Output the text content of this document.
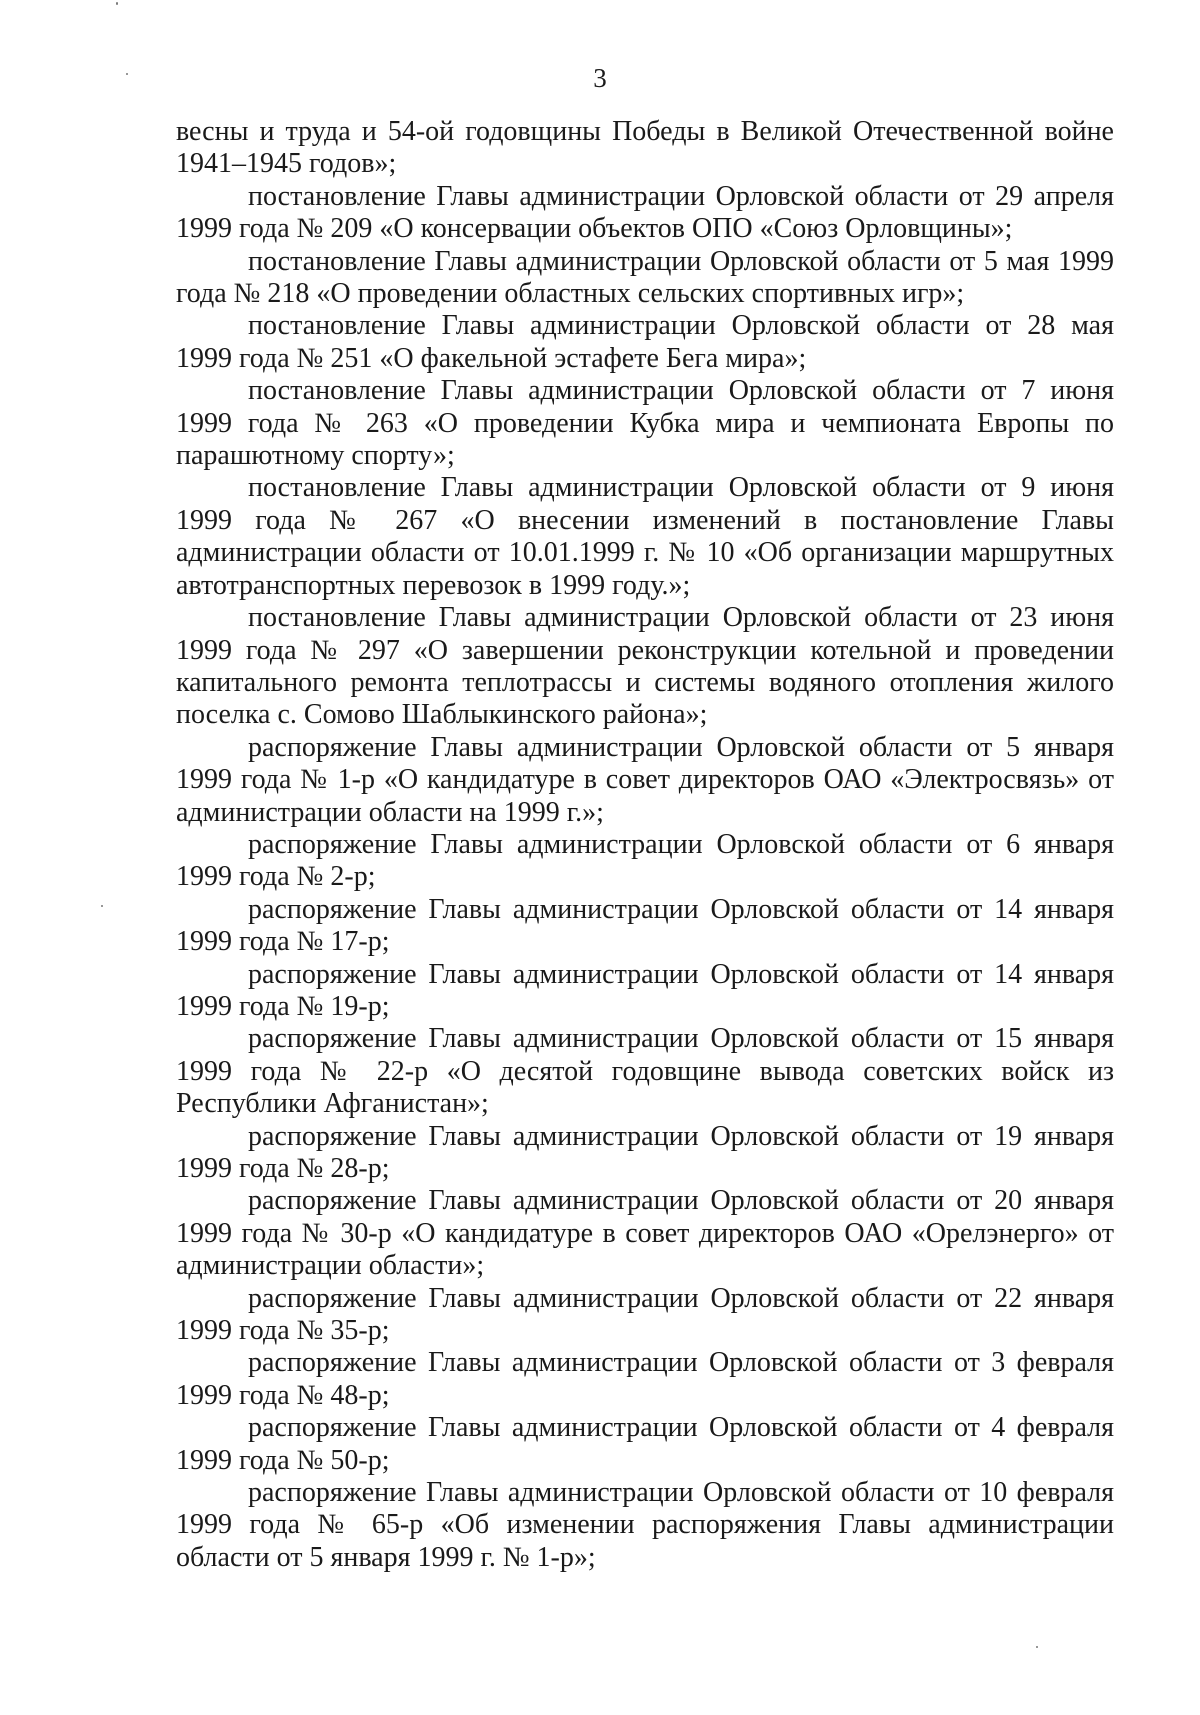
3

весны и труда и 54-ой годовщины Победы в Великой Отечественной войне 1941–1945 годов»;

постановление Главы администрации Орловской области от 29 апреля 1999 года № 209 «О консервации объектов ОПО «Союз Орловщины»;

постановление Главы администрации Орловской области от 5 мая 1999 года № 218 «О проведении областных сельских спортивных игр»;

постановление Главы администрации Орловской области от 28 мая 1999 года № 251 «О факельной эстафете Бега мира»;

постановление Главы администрации Орловской области от 7 июня 1999 года № 263 «О проведении Кубка мира и чемпионата Европы по парашютному спорту»;

постановление Главы администрации Орловской области от 9 июня 1999 года № 267 «О внесении изменений в постановление Главы администрации области от 10.01.1999 г. № 10 «Об организации маршрутных автотранспортных перевозок в 1999 году.»;

постановление Главы администрации Орловской области от 23 июня 1999 года № 297 «О завершении реконструкции котельной и проведении капитального ремонта теплотрассы и системы водяного отопления жилого поселка с. Сомово Шаблыкинского района»;

распоряжение Главы администрации Орловской области от 5 января 1999 года № 1-р «О кандидатуре в совет директоров ОАО «Электросвязь» от администрации области на 1999 г.»;

распоряжение Главы администрации Орловской области от 6 января 1999 года № 2-р;

распоряжение Главы администрации Орловской области от 14 января 1999 года № 17-р;

распоряжение Главы администрации Орловской области от 14 января 1999 года № 19-р;

распоряжение Главы администрации Орловской области от 15 января 1999 года № 22-р «О десятой годовщине вывода советских войск из Республики Афганистан»;

распоряжение Главы администрации Орловской области от 19 января 1999 года № 28-р;

распоряжение Главы администрации Орловской области от 20 января 1999 года № 30-р «О кандидатуре в совет директоров ОАО «Орелэнерго» от администрации области»;

распоряжение Главы администрации Орловской области от 22 января 1999 года № 35-р;

распоряжение Главы администрации Орловской области от 3 февраля 1999 года № 48-р;

распоряжение Главы администрации Орловской области от 4 февраля 1999 года № 50-р;

распоряжение Главы администрации Орловской области от 10 февраля 1999 года № 65-р «Об изменении распоряжения Главы администрации области от 5 января 1999 г. № 1-р»;
